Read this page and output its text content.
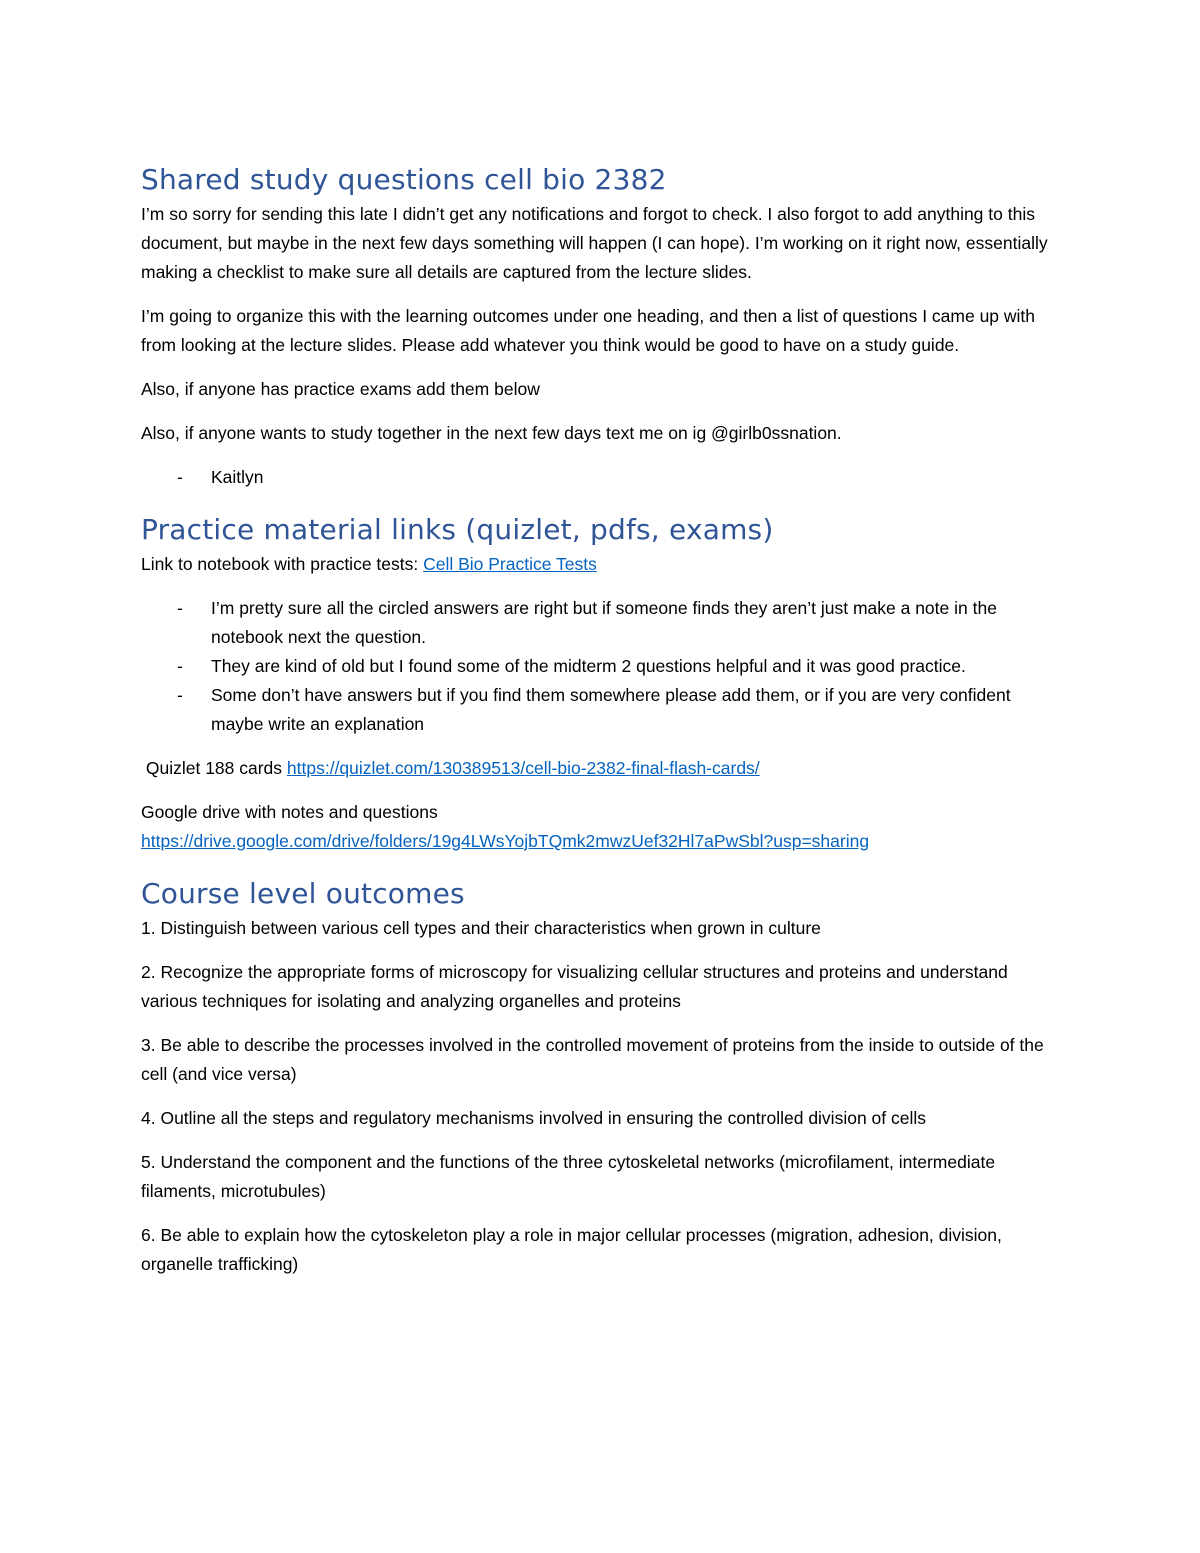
Shared study questions cell bio 2382

I’m so sorry for sending this late I didn’t get any notifications and forgot to check. I also forgot to add anything to this document, but maybe in the next few days something will happen (I can hope). I’m working on it right now, essentially making a checklist to make sure all details are captured from the lecture slides.

I’m going to organize this with the learning outcomes under one heading, and then a list of questions I came up with from looking at the lecture slides. Please add whatever you think would be good to have on a study guide.

Also, if anyone has practice exams add them below

Also, if anyone wants to study together in the next few days text me on ig @girlb0ssnation.

- Kaitlyn
Practice material links (quizlet, pdfs, exams)

Link to notebook with practice tests: Cell Bio Practice Tests

- I’m pretty sure all the circled answers are right but if someone finds they aren’t just make a note in the notebook next the question.
- They are kind of old but I found some of the midterm 2 questions helpful and it was good practice.
- Some don’t have answers but if you find them somewhere please add them, or if you are very confident maybe write an explanation

Quizlet 188 cards https://quizlet.com/130389513/cell-bio-2382-final-flash-cards/

Google drive with notes and questions

https://drive.google.com/drive/folders/19g4LWsYojbTQmk2mwzUef32Hl7aPwSbl?usp=sharing

Course level outcomes

1. Distinguish between various cell types and their characteristics when grown in culture

2. Recognize the appropriate forms of microscopy for visualizing cellular structures and proteins and understand various techniques for isolating and analyzing organelles and proteins

3. Be able to describe the processes involved in the controlled movement of proteins from the inside to outside of the cell (and vice versa)

4. Outline all the steps and regulatory mechanisms involved in ensuring the controlled division of cells

5. Understand the component and the functions of the three cytoskeletal networks (microfilament, intermediate filaments, microtubules)

6. Be able to explain how the cytoskeleton play a role in major cellular processes (migration, adhesion, division, organelle trafficking)
